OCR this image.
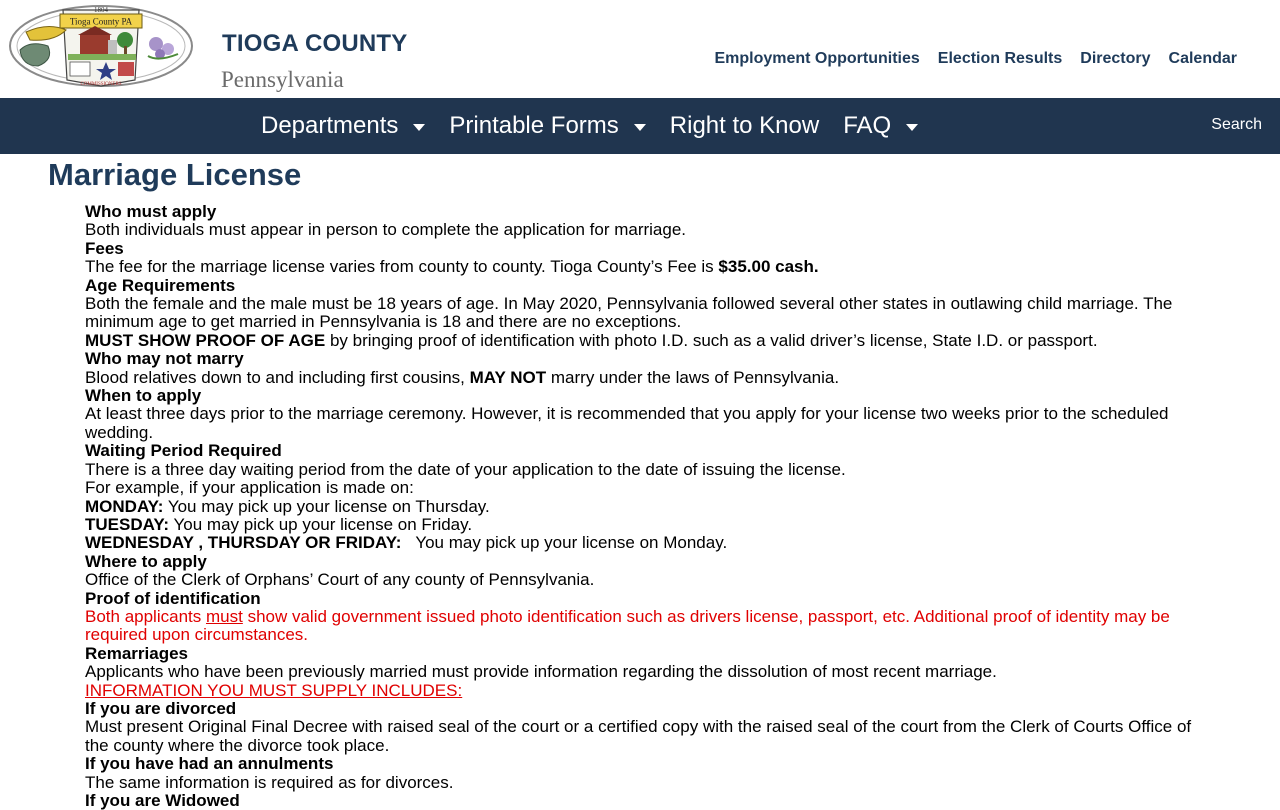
Tioga County PA
1804
COMMISSIONERS
TIOGA COUNTY
Pennsylvania
Employment Opportunities Election Results Directory Calendar
Departments Printable Forms Right to Know FAQ	Search
Marriage License

Who must apply

Both individuals must appear in person to complete the application for marriage.

Fees

The fee for the marriage license varies from county to county. Tioga County’s Fee is $35.00 cash.

Age Requirements

Both the female and the male must be 18 years of age. In May 2020, Pennsylvania followed several other states in outlawing child marriage. The minimum age to get married in Pennsylvania is 18 and there are no exceptions.

MUST SHOW PROOF OF AGE by bringing proof of identification with photo I.D. such as a valid driver’s license, State I.D. or passport.

Who may not marry

Blood relatives down to and including first cousins, MAY NOT marry under the laws of Pennsylvania.

When to apply

At least three days prior to the marriage ceremony. However, it is recommended that you apply for your license two weeks prior to the scheduled wedding.

Waiting Period Required

There is a three day waiting period from the date of your application to the date of issuing the license.

For example, if your application is made on:

MONDAY: You may pick up your license on Thursday.

TUESDAY: You may pick up your license on Friday.

WEDNESDAY , THURSDAY OR FRIDAY:   You may pick up your license on Monday.

Where to apply

Office of the Clerk of Orphans’ Court of any county of Pennsylvania.

Proof of identification

Both applicants must show valid government issued photo identification such as drivers license, passport, etc. Additional proof of identity may be required upon circumstances.

Remarriages

Applicants who have been previously married must provide information regarding the dissolution of most recent marriage.

INFORMATION YOU MUST SUPPLY INCLUDES:

If you are divorced

Must present Original Final Decree with raised seal of the court or a certified copy with the raised seal of the court from the Clerk of Courts Office of the county where the divorce took place.

If you have had an annulments

The same information is required as for divorces.

If you are Widowed
